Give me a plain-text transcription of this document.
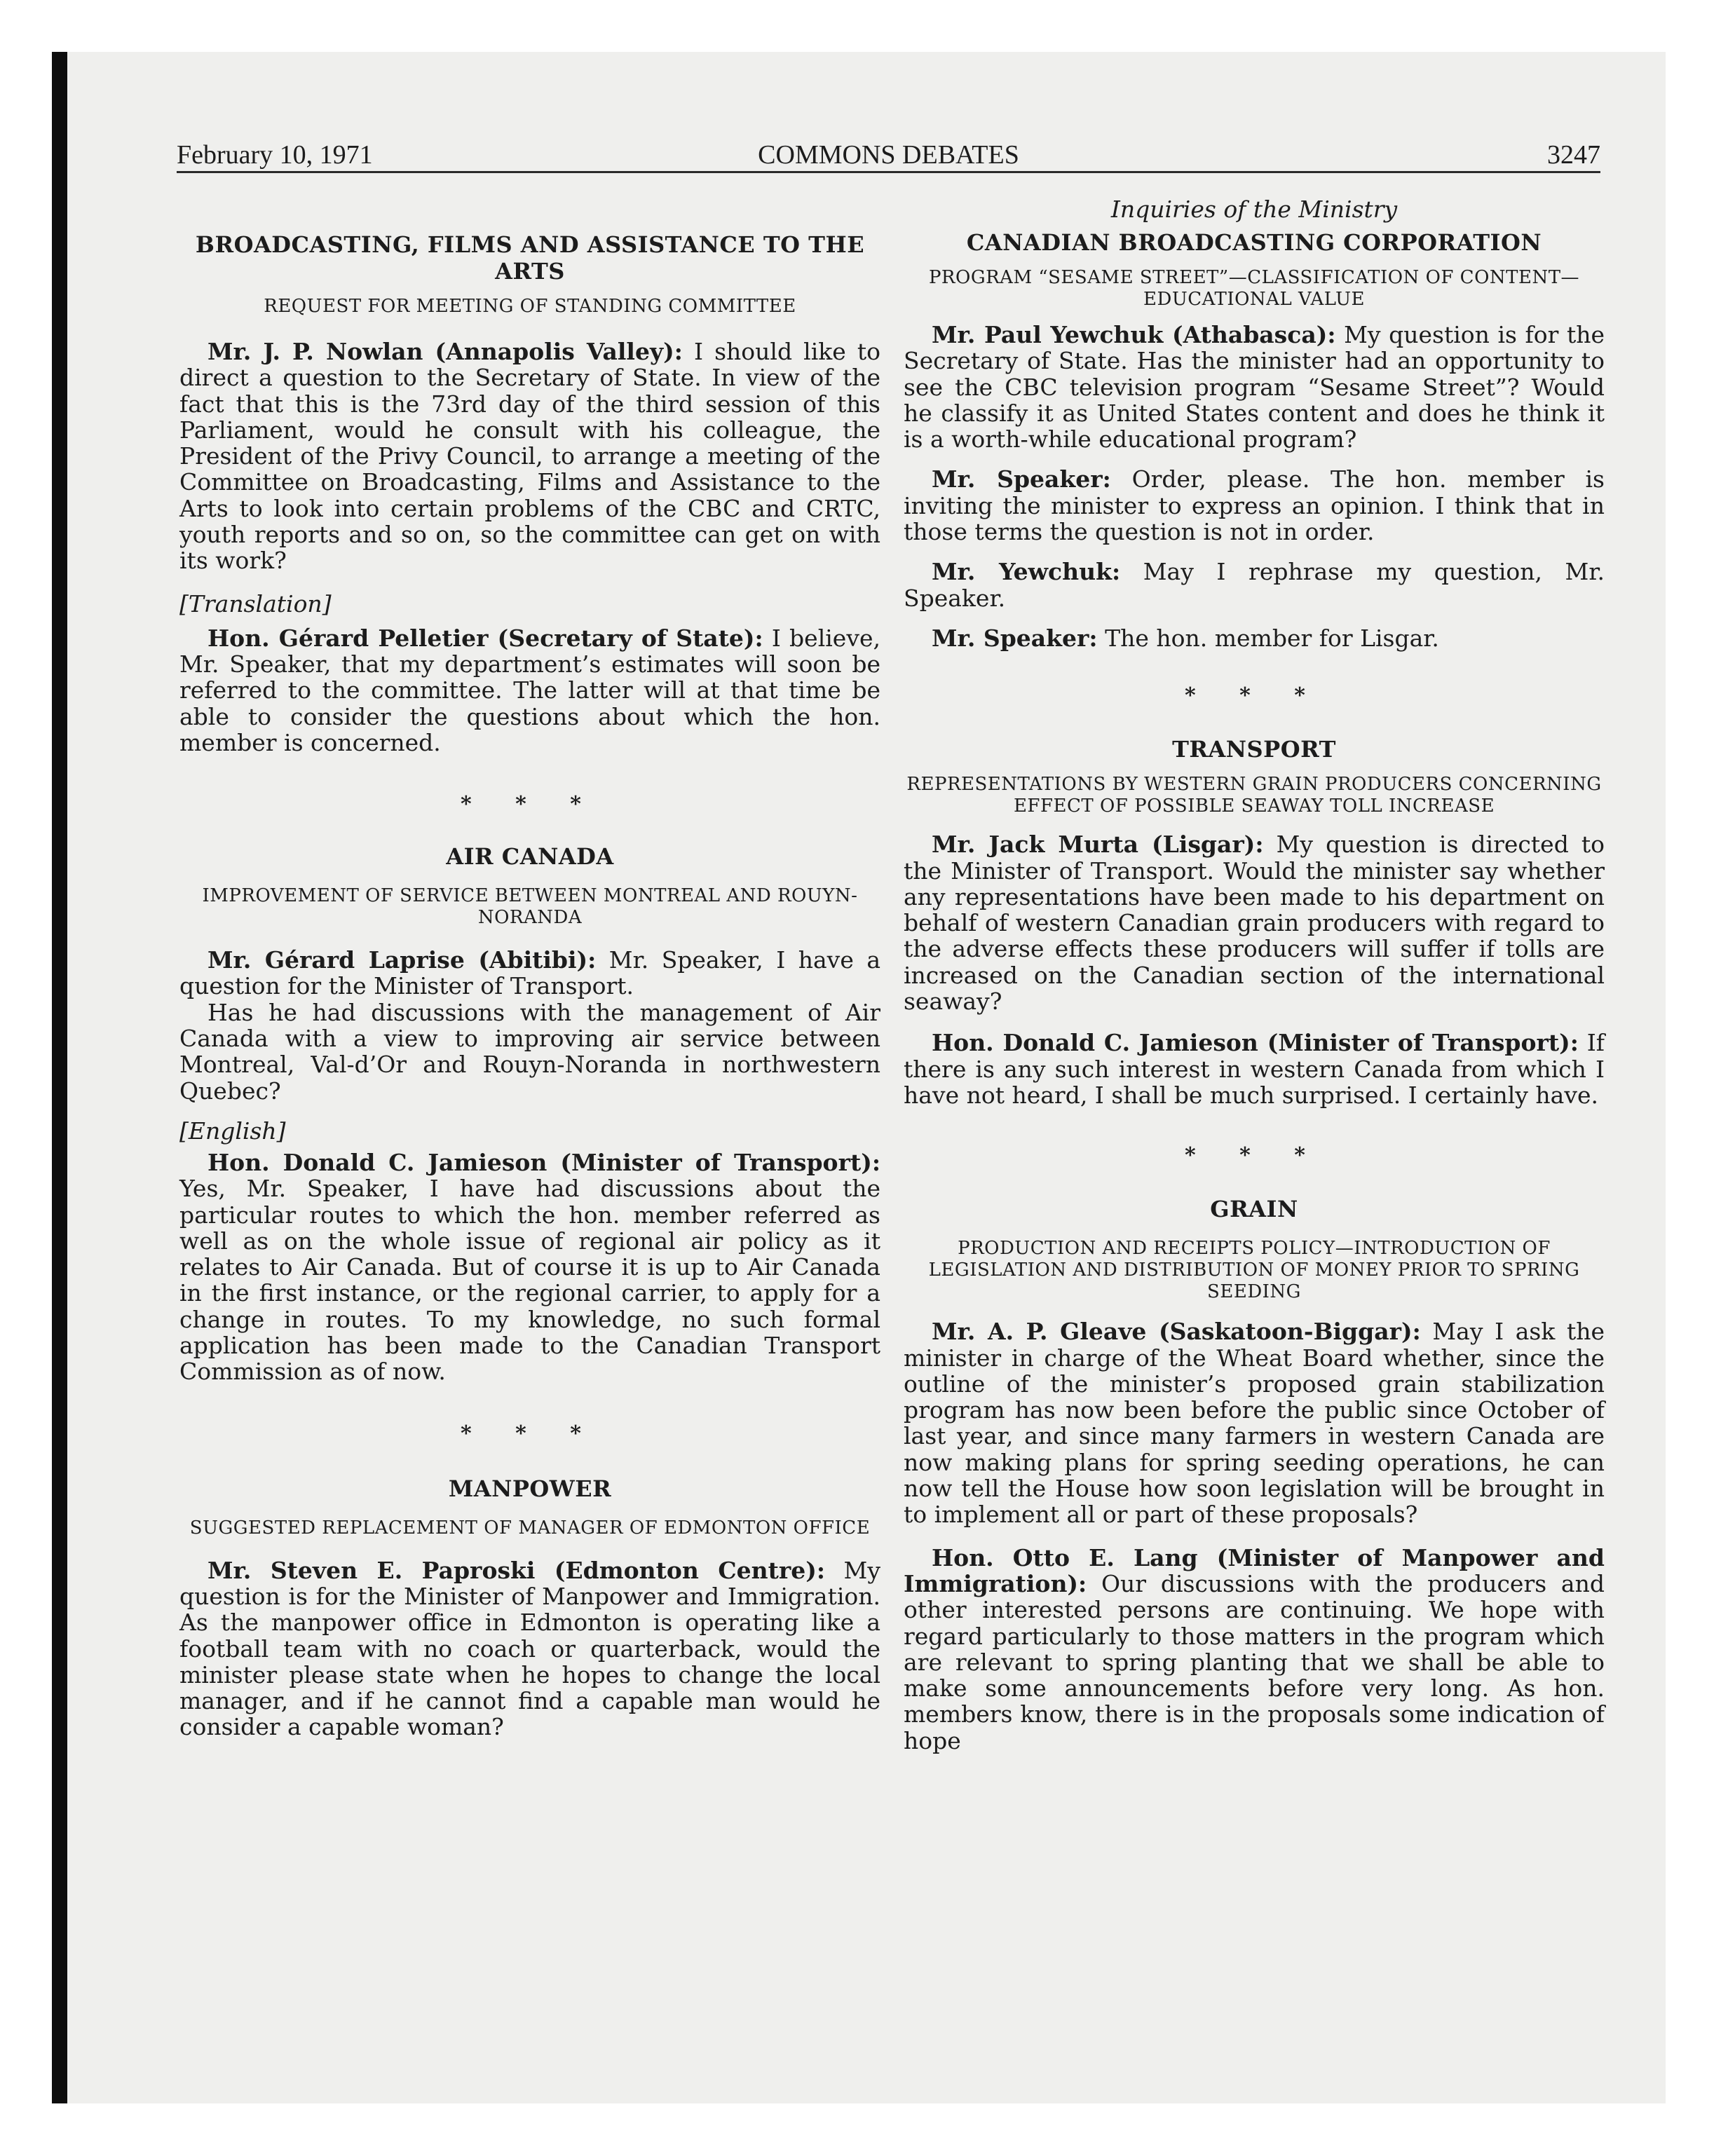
February 10, 1971	COMMONS DEBATES	3247

BROADCASTING, FILMS AND ASSISTANCE TO THE ARTS

REQUEST FOR MEETING OF STANDING COMMITTEE

Mr. J. P. Nowlan (Annapolis Valley): I should like to direct a question to the Secretary of State. In view of the fact that this is the 73rd day of the third session of this Parliament, would he consult with his colleague, the President of the Privy Council, to arrange a meeting of the Committee on Broadcasting, Films and Assistance to the Arts to look into certain problems of the CBC and CRTC, youth reports and so on, so the committee can get on with its work?

[Translation]

Hon. Gérard Pelletier (Secretary of State): I believe, Mr. Speaker, that my department’s estimates will soon be referred to the committee. The latter will at that time be able to consider the questions about which the hon. member is concerned.

* * *

AIR CANADA

IMPROVEMENT OF SERVICE BETWEEN MONTREAL AND ROUYN-NORANDA

Mr. Gérard Laprise (Abitibi): Mr. Speaker, I have a question for the Minister of Transport.

Has he had discussions with the management of Air Canada with a view to improving air service between Montreal, Val-d’Or and Rouyn-Noranda in northwestern Quebec?

[English]

Hon. Donald C. Jamieson (Minister of Transport): Yes, Mr. Speaker, I have had discussions about the particular routes to which the hon. member referred as well as on the whole issue of regional air policy as it relates to Air Canada. But of course it is up to Air Canada in the first instance, or the regional carrier, to apply for a change in routes. To my knowledge, no such formal application has been made to the Canadian Transport Commission as of now.

* * *

MANPOWER

SUGGESTED REPLACEMENT OF MANAGER OF EDMONTON OFFICE

Mr. Steven E. Paproski (Edmonton Centre): My question is for the Minister of Manpower and Immigration. As the manpower office in Edmonton is operating like a football team with no coach or quarterback, would the minister please state when he hopes to change the local manager, and if he cannot find a capable man would he consider a capable woman?

Inquiries of the Ministry

CANADIAN BROADCASTING CORPORATION

PROGRAM “SESAME STREET”—CLASSIFICATION OF CONTENT—EDUCATIONAL VALUE

Mr. Paul Yewchuk (Athabasca): My question is for the Secretary of State. Has the minister had an opportunity to see the CBC television program “Sesame Street”? Would he classify it as United States content and does he think it is a worth-while educational program?

Mr. Speaker: Order, please. The hon. member is inviting the minister to express an opinion. I think that in those terms the question is not in order.

Mr. Yewchuk: May I rephrase my question, Mr. Speaker.

Mr. Speaker: The hon. member for Lisgar.

* * *

TRANSPORT

REPRESENTATIONS BY WESTERN GRAIN PRODUCERS CONCERNING EFFECT OF POSSIBLE SEAWAY TOLL INCREASE

Mr. Jack Murta (Lisgar): My question is directed to the Minister of Transport. Would the minister say whether any representations have been made to his department on behalf of western Canadian grain producers with regard to the adverse effects these producers will suffer if tolls are increased on the Canadian section of the international seaway?

Hon. Donald C. Jamieson (Minister of Transport): If there is any such interest in western Canada from which I have not heard, I shall be much surprised. I certainly have.

* * *

GRAIN

PRODUCTION AND RECEIPTS POLICY—INTRODUCTION OF LEGISLATION AND DISTRIBUTION OF MONEY PRIOR TO SPRING SEEDING

Mr. A. P. Gleave (Saskatoon-Biggar): May I ask the minister in charge of the Wheat Board whether, since the outline of the minister’s proposed grain stabilization program has now been before the public since October of last year, and since many farmers in western Canada are now making plans for spring seeding operations, he can now tell the House how soon legislation will be brought in to implement all or part of these proposals?

Hon. Otto E. Lang (Minister of Manpower and Immigration): Our discussions with the producers and other interested persons are continuing. We hope with regard particularly to those matters in the program which are relevant to spring planting that we shall be able to make some announcements before very long. As hon. members know, there is in the proposals some indication of hope
